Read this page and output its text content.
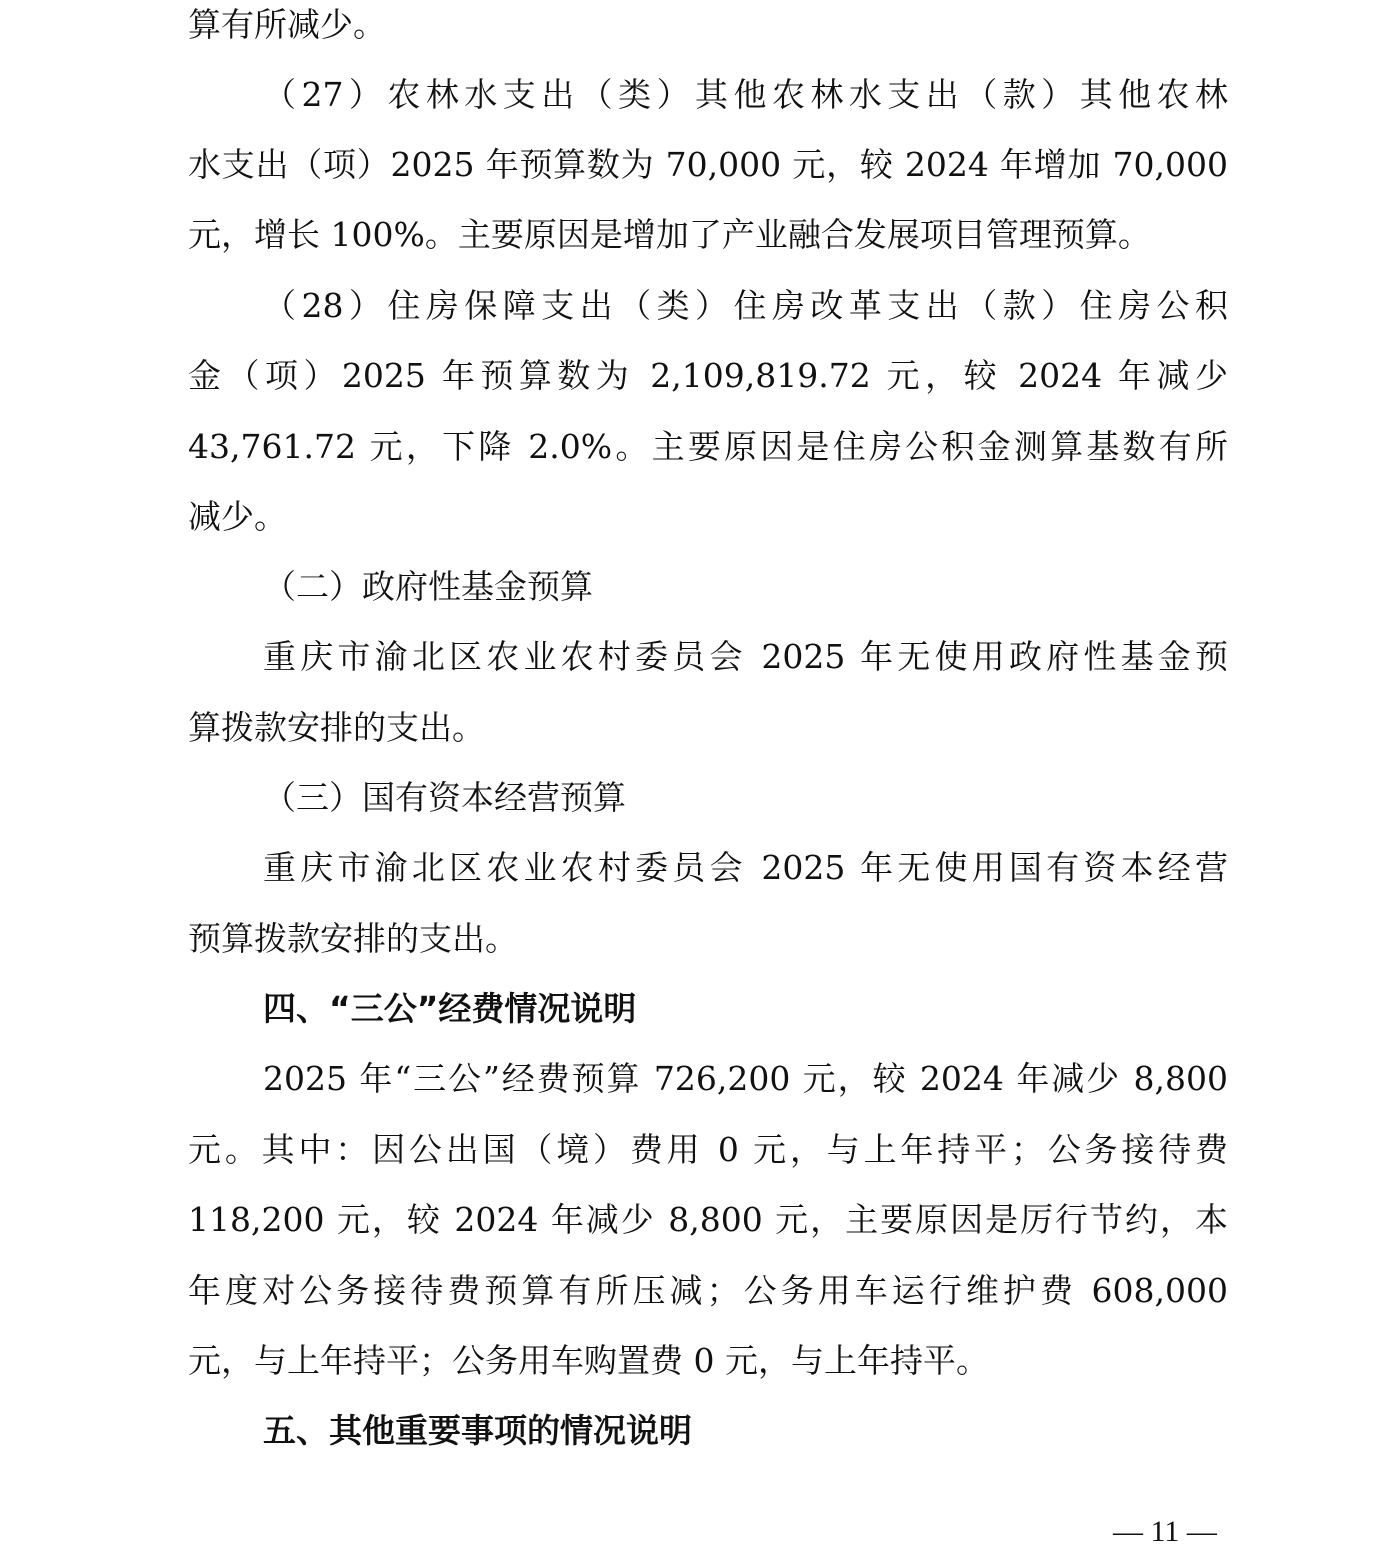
算有所减少。
（27）农林水支出（类）其他农林水支出（款）其他农林
水支出（项）2025 年预算数为 70,000 元，较 2024 年增加 70,000
元，增长 100%。主要原因是增加了产业融合发展项目管理预算。
（28）住房保障支出（类）住房改革支出（款）住房公积
金（项）2025 年预算数为 2,109,819.72 元，较 2024 年减少
43,761.72 元，下降 2.0%。主要原因是住房公积金测算基数有所
减少。
（二）政府性基金预算
重庆市渝北区农业农村委员会 2025 年无使用政府性基金预
算拨款安排的支出。
（三）国有资本经营预算
重庆市渝北区农业农村委员会 2025 年无使用国有资本经营
预算拨款安排的支出。
四、“三公”经费情况说明
2025 年“三公”经费预算 726,200 元，较 2024 年减少 8,800
元。其中：因公出国（境）费用 0 元，与上年持平；公务接待费
118,200 元，较 2024 年减少 8,800 元，主要原因是厉行节约，本
年度对公务接待费预算有所压减；公务用车运行维护费 608,000
元，与上年持平；公务用车购置费 0 元，与上年持平。
五、其他重要事项的情况说明
— 11 —
